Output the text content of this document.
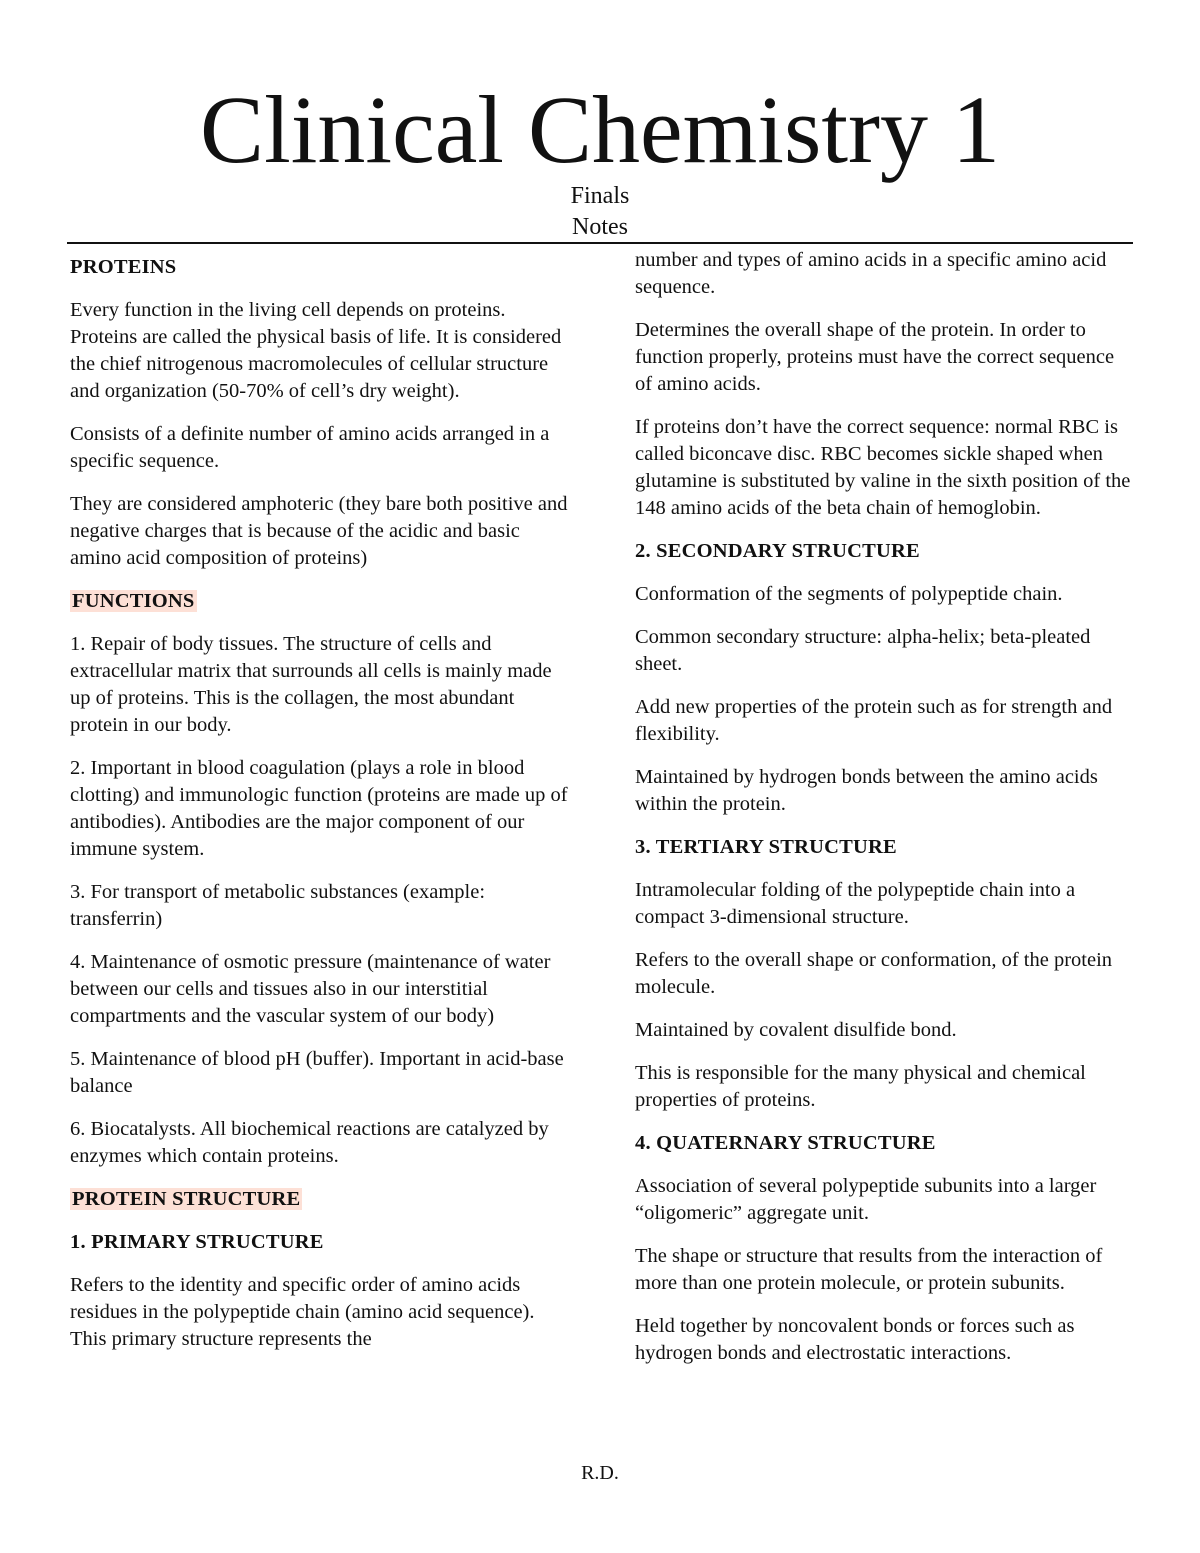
Clinical Chemistry 1
Finals
Notes
PROTEINS

Every function in the living cell depends on proteins. Proteins are called the physical basis of life. It is considered the chief nitrogenous macromolecules of cellular structure and organization (50-70% of cell’s dry weight).

Consists of a definite number of amino acids arranged in a specific sequence.

They are considered amphoteric (they bare both positive and negative charges that is because of the acidic and basic amino acid composition of proteins)

FUNCTIONS

1. Repair of body tissues. The structure of cells and extracellular matrix that surrounds all cells is mainly made up of proteins. This is the collagen, the most abundant protein in our body.

2. Important in blood coagulation (plays a role in blood clotting) and immunologic function (proteins are made up of antibodies). Antibodies are the major component of our immune system.

3. For transport of metabolic substances (example: transferrin)

4. Maintenance of osmotic pressure (maintenance of water between our cells and tissues also in our interstitial compartments and the vascular system of our body)

5. Maintenance of blood pH (buffer). Important in acid-base balance

6. Biocatalysts. All biochemical reactions are catalyzed by enzymes which contain proteins.

PROTEIN STRUCTURE
1. PRIMARY STRUCTURE

Refers to the identity and specific order of amino acids residues in the polypeptide chain (amino acid sequence). This primary structure represents the

number and types of amino acids in a specific amino acid sequence.

Determines the overall shape of the protein. In order to function properly, proteins must have the correct sequence of amino acids.

If proteins don’t have the correct sequence: normal RBC is called biconcave disc. RBC becomes sickle shaped when glutamine is substituted by valine in the sixth position of the 148 amino acids of the beta chain of hemoglobin.

2. SECONDARY STRUCTURE

Conformation of the segments of polypeptide chain.

Common secondary structure: alpha-helix; beta-pleated sheet.

Add new properties of the protein such as for strength and flexibility.

Maintained by hydrogen bonds between the amino acids within the protein.

3. TERTIARY STRUCTURE

Intramolecular folding of the polypeptide chain into a compact 3-dimensional structure.

Refers to the overall shape or conformation, of the protein molecule.

Maintained by covalent disulfide bond.

This is responsible for the many physical and chemical properties of proteins.

4. QUATERNARY STRUCTURE

Association of several polypeptide subunits into a larger “oligomeric” aggregate unit.

The shape or structure that results from the interaction of more than one protein molecule, or protein subunits.

Held together by noncovalent bonds or forces such as hydrogen bonds and electrostatic interactions.

R.D.
